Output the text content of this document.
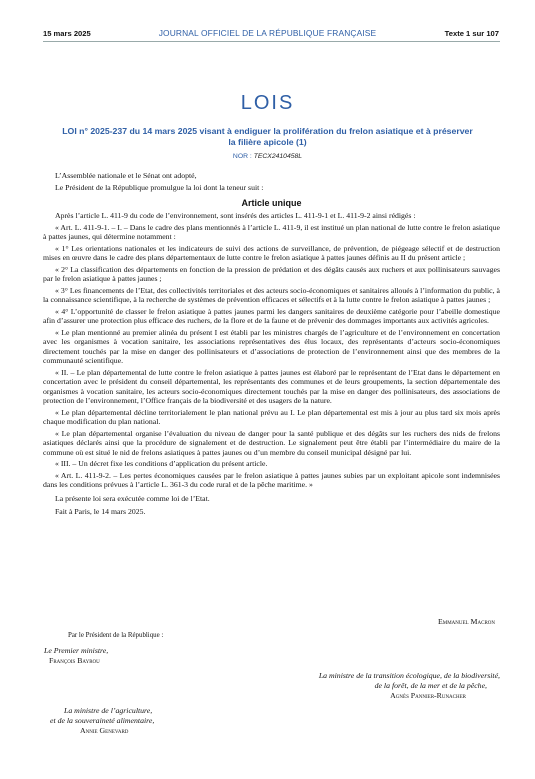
15 mars 2025	JOURNAL OFFICIEL DE LA RÉPUBLIQUE FRANÇAISE	Texte 1 sur 107
LOIS
LOI n° 2025-237 du 14 mars 2025 visant à endiguer la prolifération du frelon asiatique et à préserver la filière apicole (1)
NOR : TECX2410458L

L’Assemblée nationale et le Sénat ont adopté,

Le Président de la République promulgue la loi dont la teneur suit :

Article unique

Après l’article L. 411-9 du code de l’environnement, sont insérés des articles L. 411-9-1 et L. 411-9-2 ainsi rédigés :

« Art. L. 411-9-1. – I. – Dans le cadre des plans mentionnés à l’article L. 411-9, il est institué un plan national de lutte contre le frelon asiatique à pattes jaunes, qui détermine notamment :

« 1° Les orientations nationales et les indicateurs de suivi des actions de surveillance, de prévention, de piégeage sélectif et de destruction mises en œuvre dans le cadre des plans départementaux de lutte contre le frelon asiatique à pattes jaunes définis au II du présent article ;

« 2° La classification des départements en fonction de la pression de prédation et des dégâts causés aux ruchers et aux pollinisateurs sauvages par le frelon asiatique à pattes jaunes ;

« 3° Les financements de l’Etat, des collectivités territoriales et des acteurs socio-économiques et sanitaires alloués à l’information du public, à la connaissance scientifique, à la recherche de systèmes de prévention efficaces et sélectifs et à la lutte contre le frelon asiatique à pattes jaunes ;

« 4° L’opportunité de classer le frelon asiatique à pattes jaunes parmi les dangers sanitaires de deuxième catégorie pour l’abeille domestique afin d’assurer une protection plus efficace des ruchers, de la flore et de la faune et de prévenir des dommages importants aux activités agricoles.

« Le plan mentionné au premier alinéa du présent I est établi par les ministres chargés de l’agriculture et de l’environnement en concertation avec les organismes à vocation sanitaire, les associations représentatives des élus locaux, des représentants d’acteurs socio-économiques directement touchés par la mise en danger des pollinisateurs et d’associations de protection de l’environnement ainsi que des membres de la communauté scientifique.

« II. – Le plan départemental de lutte contre le frelon asiatique à pattes jaunes est élaboré par le représentant de l’Etat dans le département en concertation avec le président du conseil départemental, les représentants des communes et de leurs groupements, la section départementale des organismes à vocation sanitaire, les acteurs socio-économiques directement touchés par la mise en danger des pollinisateurs, des associations de protection de l’environnement, l’Office français de la biodiversité et des usagers de la nature.

« Le plan départemental décline territorialement le plan national prévu au I. Le plan départemental est mis à jour au plus tard six mois après chaque modification du plan national.

« Le plan départemental organise l’évaluation du niveau de danger pour la santé publique et des dégâts sur les ruchers des nids de frelons asiatiques déclarés ainsi que la procédure de signalement et de destruction. Le signalement peut être établi par l’intermédiaire du maire de la commune où est situé le nid de frelons asiatiques à pattes jaunes ou d’un membre du conseil municipal désigné par lui.

« III. – Un décret fixe les conditions d’application du présent article.

« Art. L. 411-9-2. – Les pertes économiques causées par le frelon asiatique à pattes jaunes subies par un exploitant apicole sont indemnisées dans les conditions prévues à l’article L. 361-3 du code rural et de la pêche maritime. »

La présente loi sera exécutée comme loi de l’Etat.

Fait à Paris, le 14 mars 2025.

Emmanuel Macron
Par le Président de la République :
Le Premier ministre,
François Bayrou
La ministre de la transition écologique, de la biodiversité,
de la forêt, de la mer et de la pêche,
Agnès Pannier-Runacher
La ministre de l’agriculture,
et de la souveraineté alimentaire,
Annie Genevard
